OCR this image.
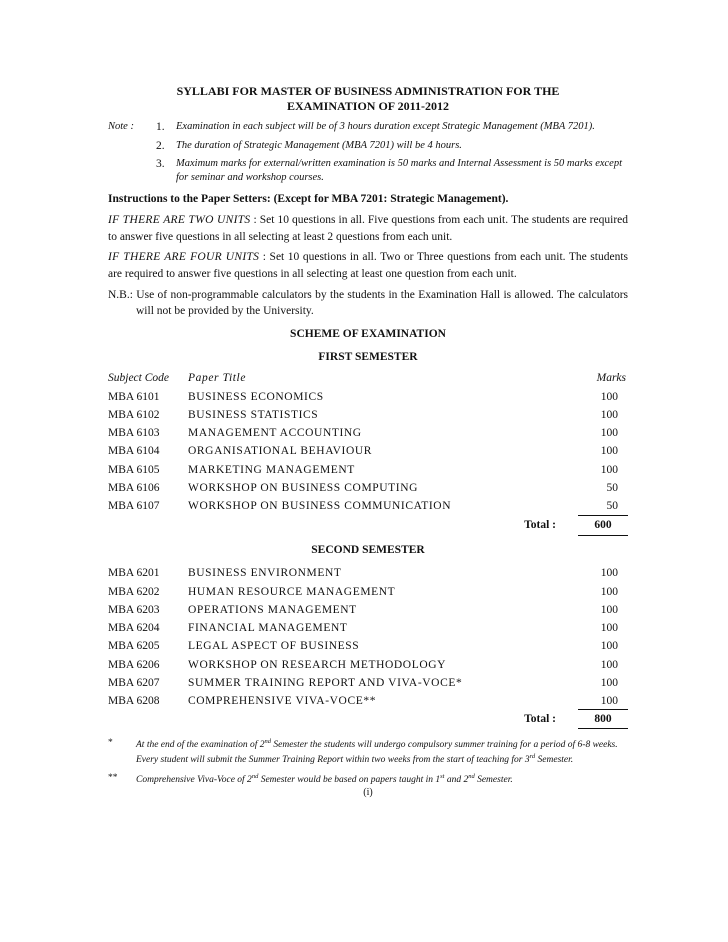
SYLLABI FOR MASTER OF BUSINESS ADMINISTRATION FOR THE
EXAMINATION OF 2011-2012
Note :	1.	Examination in each subject will be of 3 hours duration except Strategic Management (MBA 7201).
2.	The duration of Strategic Management (MBA 7201) will be 4 hours.
3.	Maximum marks for external/written examination is 50 marks and Internal Assessment is 50 marks except for seminar and workshop courses.
Instructions to the Paper Setters: (Except for MBA 7201: Strategic Management).
IF THERE ARE TWO UNITS : Set 10 questions in all. Five questions from each unit. The students are required to answer five questions in all selecting at least 2 questions from each unit.
IF THERE ARE FOUR UNITS : Set 10 questions in all. Two or Three questions from each unit. The students are required to answer five questions in all selecting at least one question from each unit.
N.B.: Use of non-programmable calculators by the students in the Examination Hall is allowed. The calculators will not be provided by the University.
SCHEME OF EXAMINATION
FIRST SEMESTER
Subject Code	Paper Title	Marks
MBA 6101	BUSINESS ECONOMICS	100
MBA 6102	BUSINESS STATISTICS	100
MBA 6103	MANAGEMENT ACCOUNTING	100
MBA 6104	ORGANISATIONAL BEHAVIOUR	100
MBA 6105	MARKETING MANAGEMENT	100
MBA 6106	WORKSHOP ON BUSINESS COMPUTING	50
MBA 6107	WORKSHOP ON BUSINESS COMMUNICATION	50
Total :	600
SECOND SEMESTER
MBA 6201	BUSINESS ENVIRONMENT	100
MBA 6202	HUMAN RESOURCE MANAGEMENT	100
MBA 6203	OPERATIONS MANAGEMENT	100
MBA 6204	FINANCIAL MANAGEMENT	100
MBA 6205	LEGAL ASPECT OF BUSINESS	100
MBA 6206	WORKSHOP ON RESEARCH METHODOLOGY	100
MBA 6207	SUMMER TRAINING REPORT AND VIVA-VOCE*	100
MBA 6208	COMPREHENSIVE VIVA-VOCE**	100
Total :	800
*	At the end of the examination of 2nd Semester the students will undergo compulsory summer training for a period of 6-8 weeks. Every student will submit the Summer Training Report within two weeks from the start of teaching for 3rd Semester.
**	Comprehensive Viva-Voce of 2nd Semester would be based on papers taught in 1st and 2nd Semester.
(i)
